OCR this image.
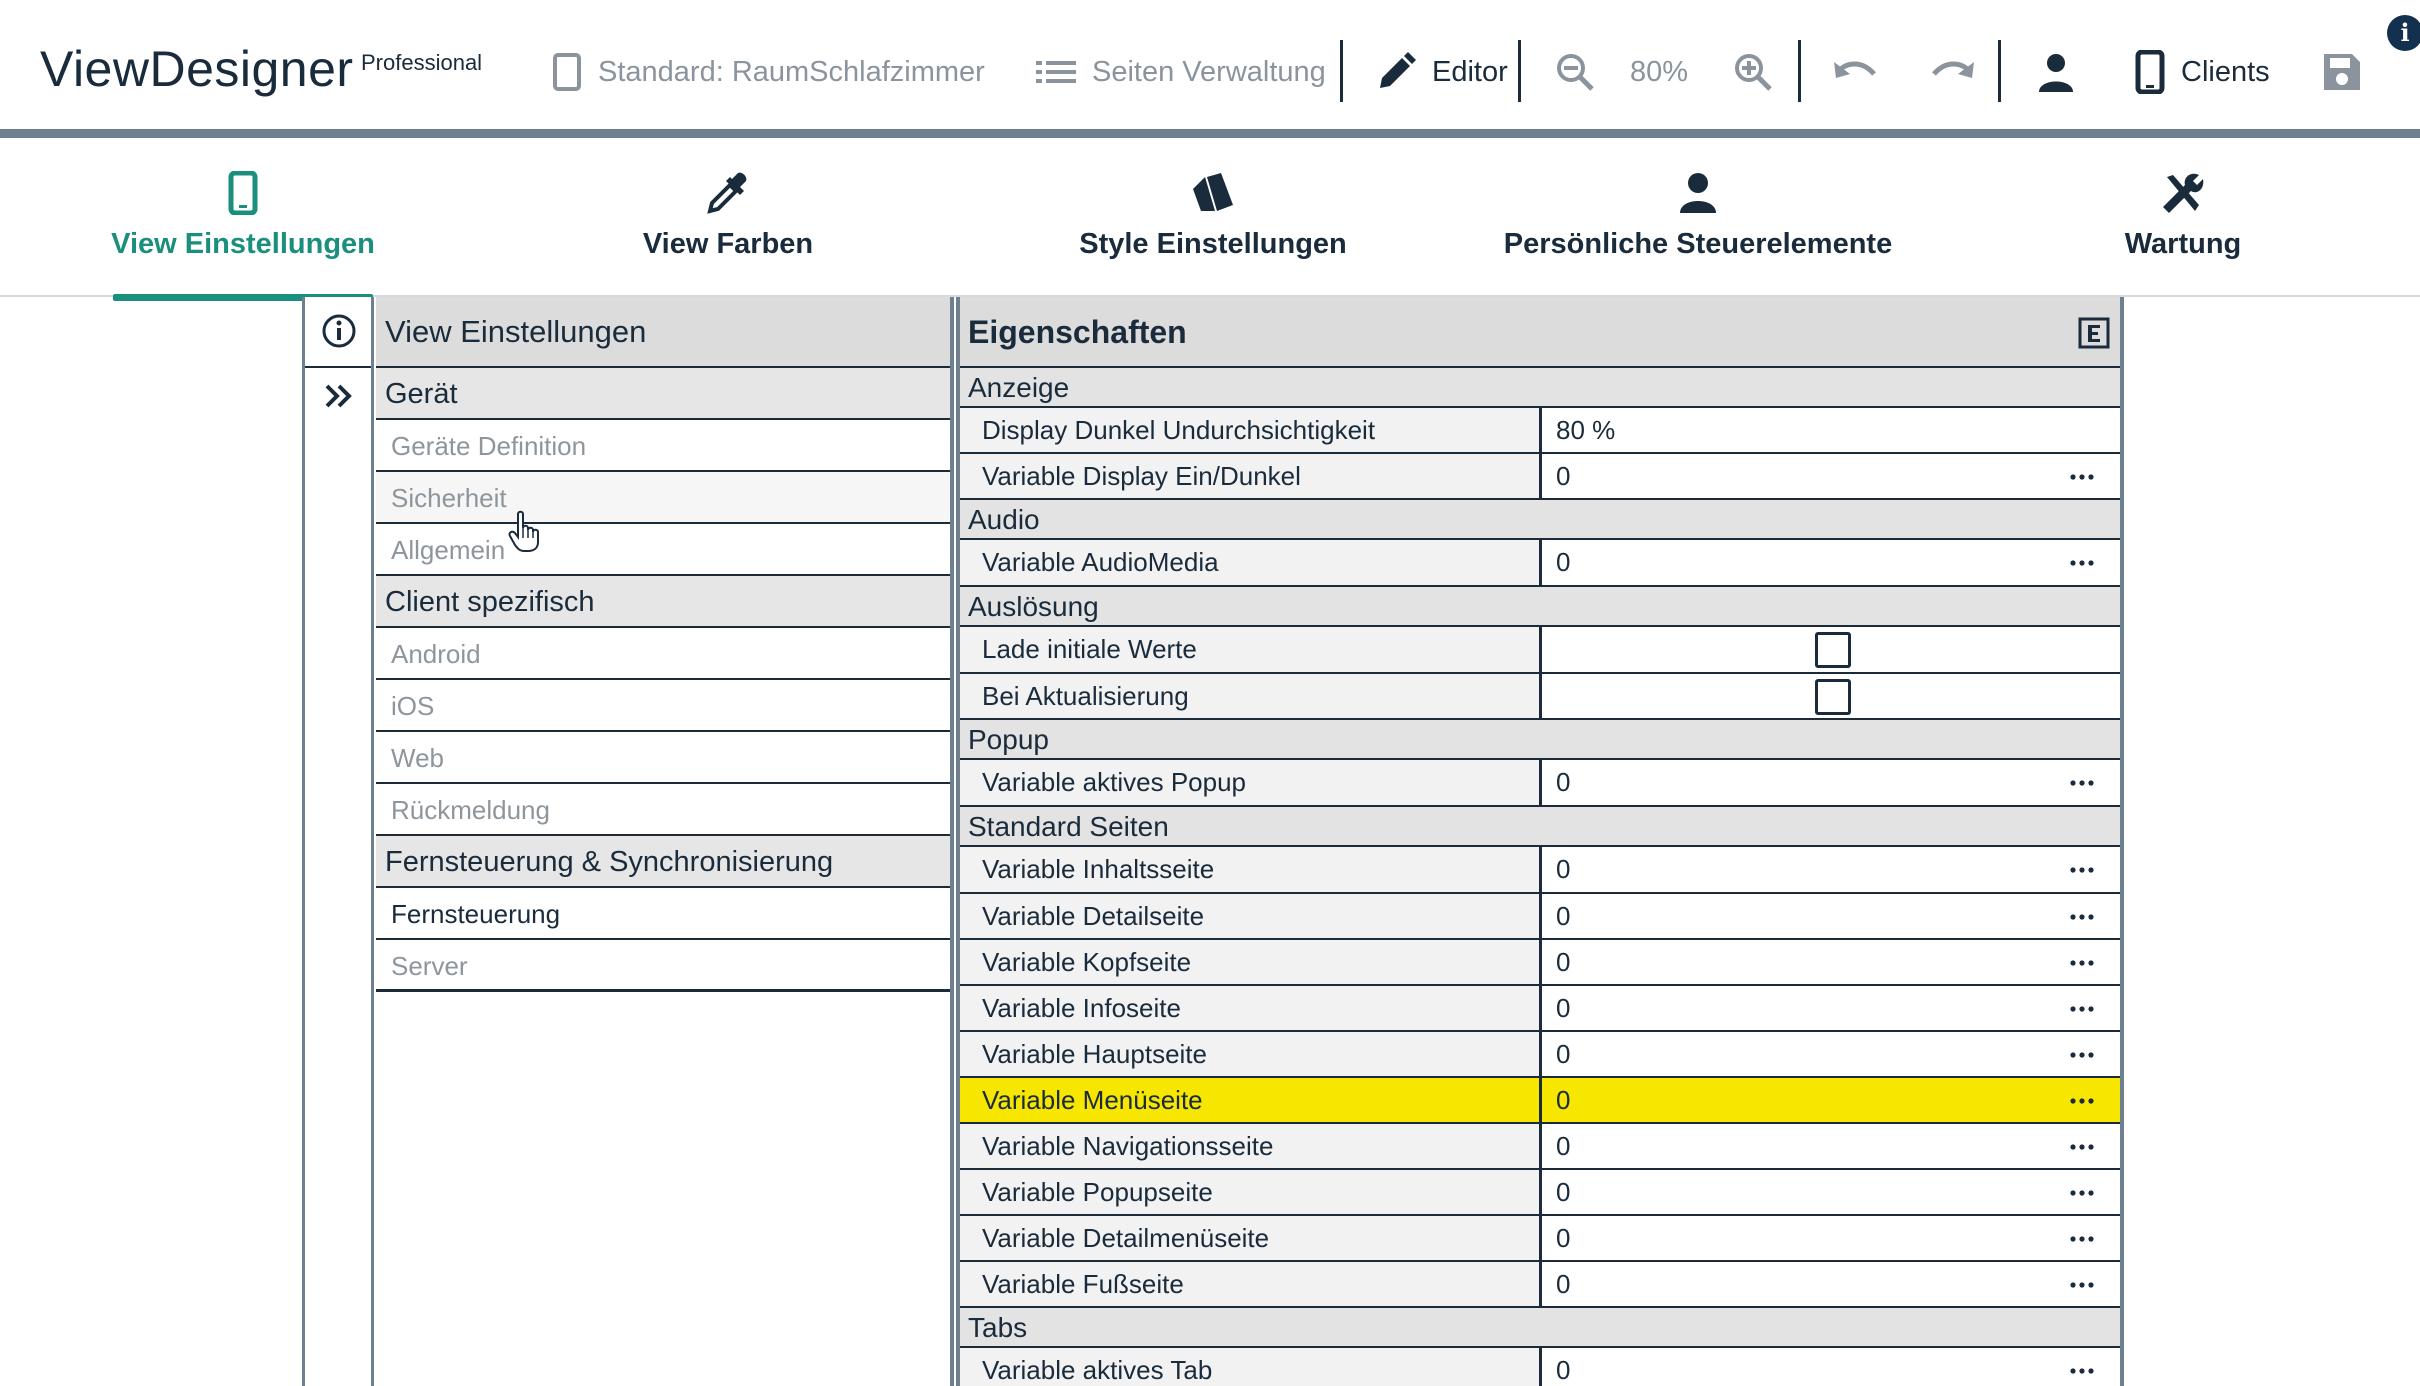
ViewDesigner Professional	Standard: RaumSchlafzimmer	Seiten Verwaltung	Editor	80%	Clients
i
View Einstellungen	View Farben	Style Einstellungen	Persönliche Steuerelemente	Wartung
View Einstellungen
Gerät
Geräte Definition
Sicherheit
Allgemein
Client spezifisch
Android
iOS
Web
Rückmeldung
Fernsteuerung & Synchronisierung
Fernsteuerung
Server
Eigenschaften
Anzeige
Display Dunkel Undurchsichtigkeit	80 %
Variable Display Ein/Dunkel	0
Audio
Variable AudioMedia	0
Auslösung
Lade initiale Werte
Bei Aktualisierung
Popup
Variable aktives Popup	0
Standard Seiten
Variable Inhaltsseite	0
Variable Detailseite	0
Variable Kopfseite	0
Variable Infoseite	0
Variable Hauptseite	0
Variable Menüseite	0
Variable Navigationsseite	0
Variable Popupseite	0
Variable Detailmenüseite	0
Variable Fußseite	0
Tabs
Variable aktives Tab	0
